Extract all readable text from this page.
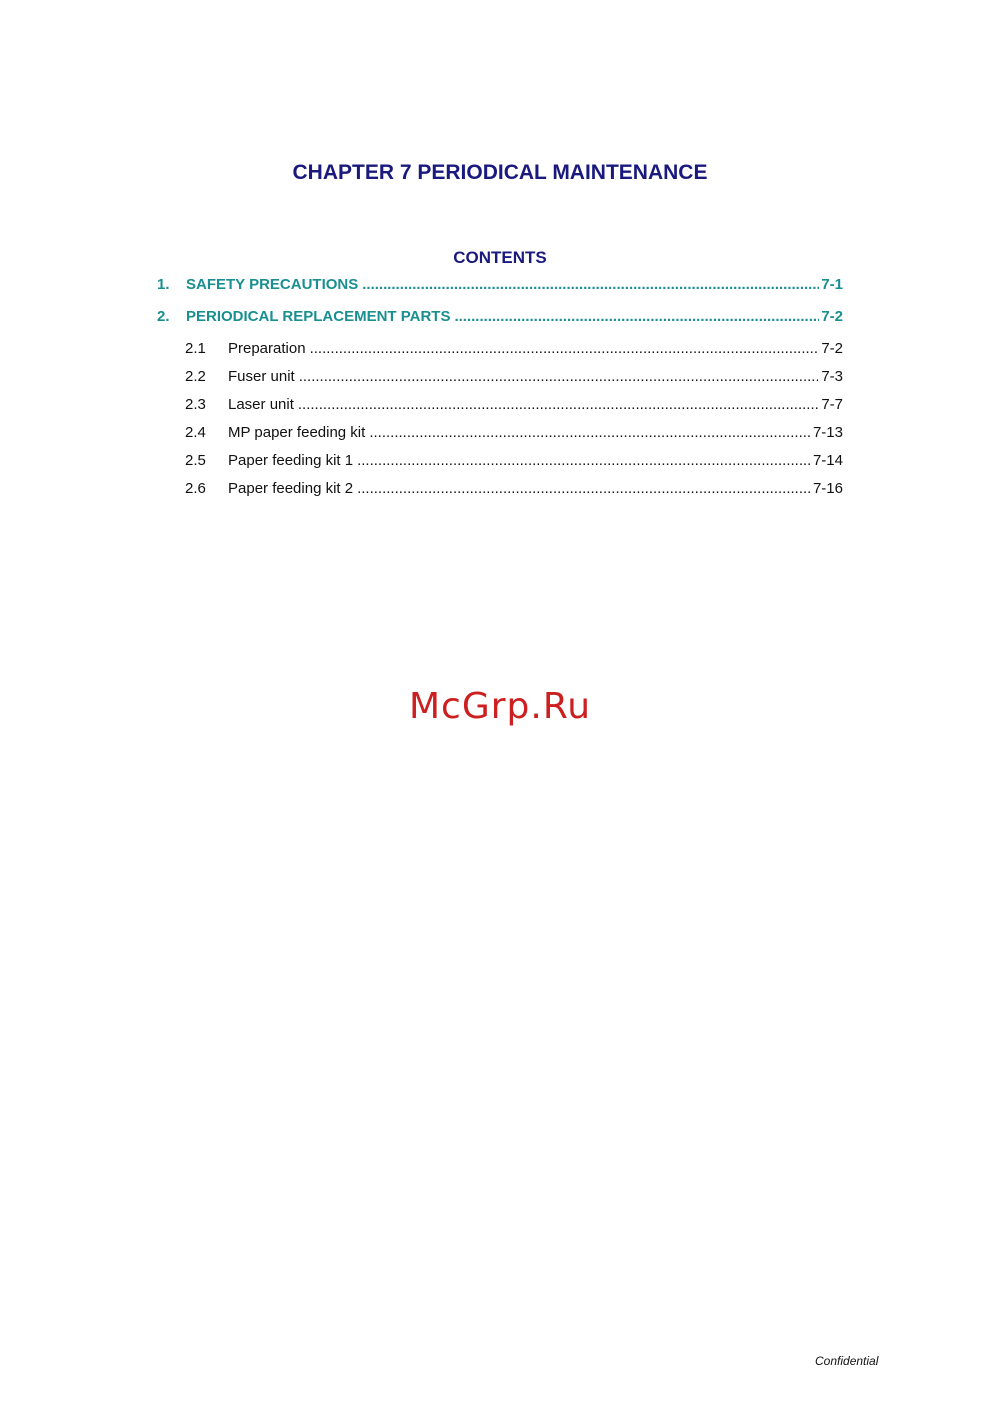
CHAPTER 7 PERIODICAL MAINTENANCE
CONTENTS
1.	SAFETY PRECAUTIONS .....	7-1
2.	PERIODICAL REPLACEMENT PARTS .....	7-2
2.1	Preparation .....	7-2
2.2	Fuser unit .....	7-3
2.3	Laser unit .....	7-7
2.4	MP paper feeding kit .....	7-13
2.5	Paper feeding kit 1 .....	7-14
2.6	Paper feeding kit 2 .....	7-16
McGrp.Ru
Confidential
